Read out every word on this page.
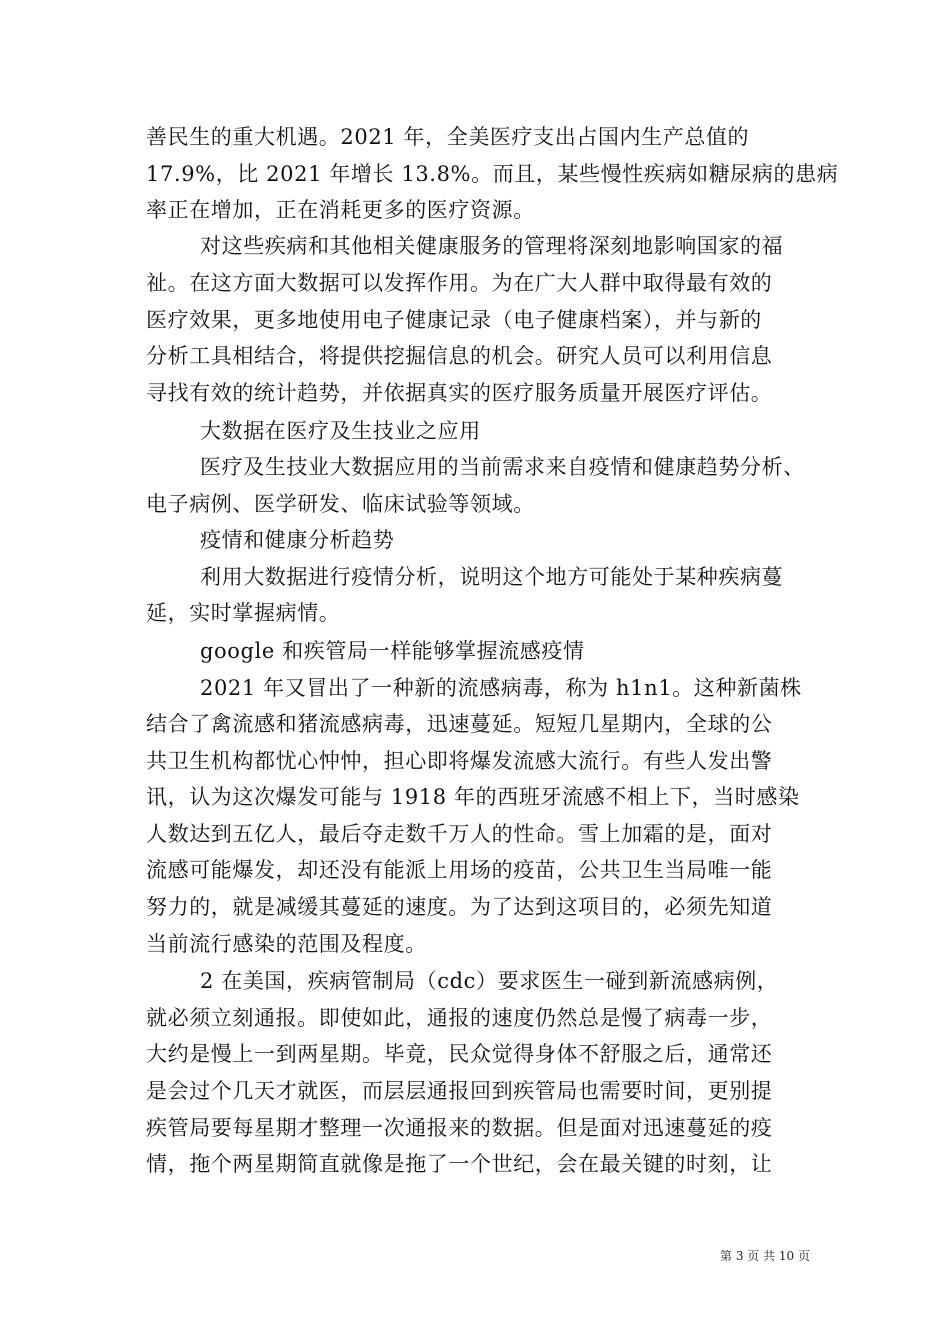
善民生的重大机遇。2021 年，全美医疗支出占国内生产总值的
17.9%，比 2021 年增长 13.8%。而且，某些慢性疾病如糖尿病的患病
率正在增加，正在消耗更多的医疗资源。
对这些疾病和其他相关健康服务的管理将深刻地影响国家的福
祉。在这方面大数据可以发挥作用。为在广大人群中取得最有效的
医疗效果，更多地使用电子健康记录（电子健康档案），并与新的
分析工具相结合，将提供挖掘信息的机会。研究人员可以利用信息
寻找有效的统计趋势，并依据真实的医疗服务质量开展医疗评估。
大数据在医疗及生技业之应用
医疗及生技业大数据应用的当前需求来自疫情和健康趋势分析、
电子病例、医学研发、临床试验等领域。
疫情和健康分析趋势
利用大数据进行疫情分析，说明这个地方可能处于某种疾病蔓
延，实时掌握病情。
google 和疾管局一样能够掌握流感疫情
2021 年又冒出了一种新的流感病毒，称为 h1n1。这种新菌株
结合了禽流感和猪流感病毒，迅速蔓延。短短几星期内，全球的公
共卫生机构都忧心忡忡，担心即将爆发流感大流行。有些人发出警
讯，认为这次爆发可能与 1918 年的西班牙流感不相上下，当时感染
人数达到五亿人，最后夺走数千万人的性命。雪上加霜的是，面对
流感可能爆发，却还没有能派上用场的疫苗，公共卫生当局唯一能
努力的，就是减缓其蔓延的速度。为了达到这项目的，必须先知道
当前流行感染的范围及程度。
2 在美国，疾病管制局（cdc）要求医生一碰到新流感病例，
就必须立刻通报。即使如此，通报的速度仍然总是慢了病毒一步，
大约是慢上一到两星期。毕竟，民众觉得身体不舒服之后，通常还
是会过个几天才就医，而层层通报回到疾管局也需要时间，更别提
疾管局要每星期才整理一次通报来的数据。但是面对迅速蔓延的疫
情，拖个两星期简直就像是拖了一个世纪，会在最关键的时刻，让
第 3 页 共 10 页
